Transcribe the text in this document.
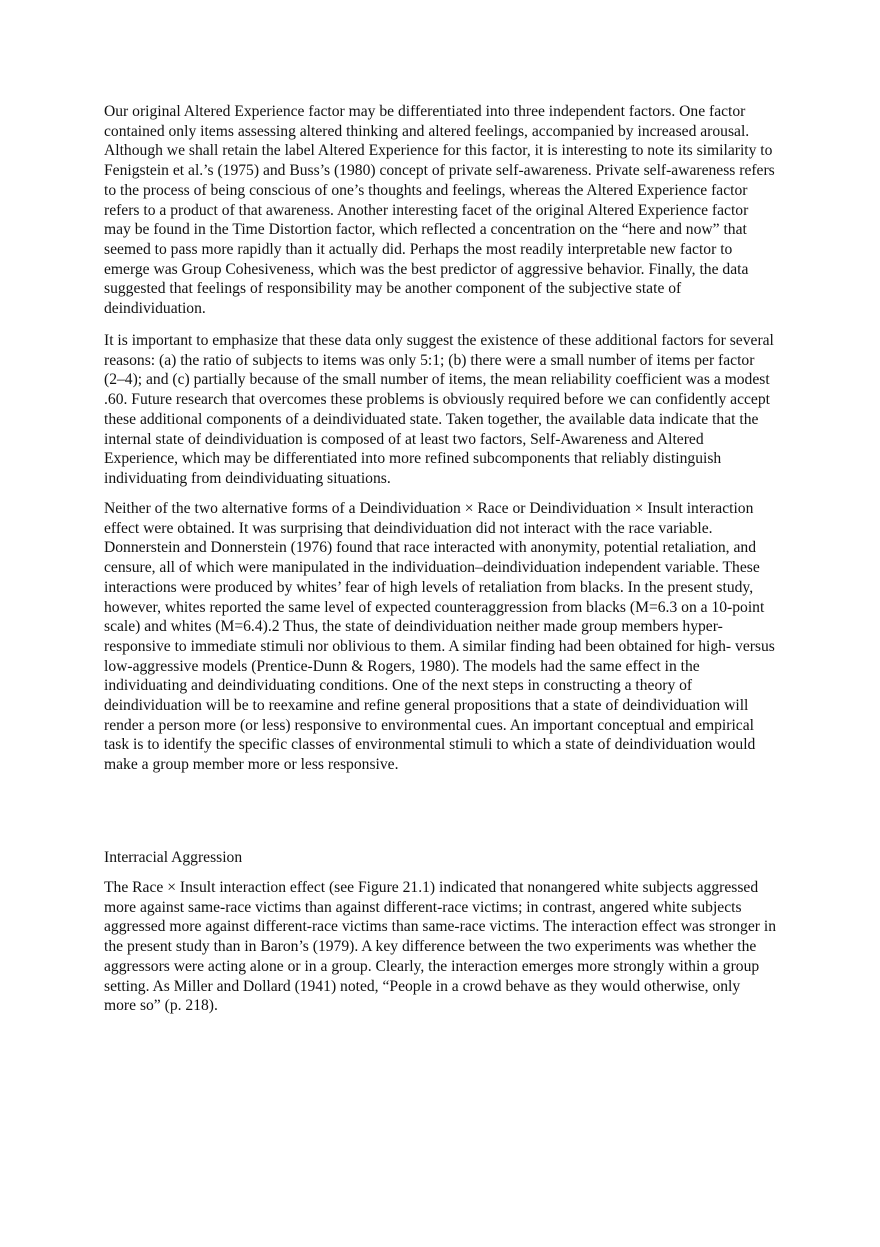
Our original Altered Experience factor may be differentiated into three independent factors. One factor contained only items assessing altered thinking and altered feelings, accompanied by increased arousal. Although we shall retain the label Altered Experience for this factor, it is interesting to note its similarity to Fenigstein et al.’s (1975) and Buss’s (1980) concept of private self-awareness. Private self-awareness refers to the process of being conscious of one’s thoughts and feelings, whereas the Altered Experience factor refers to a product of that awareness. Another interesting facet of the original Altered Experience factor may be found in the Time Distortion factor, which reflected a concentration on the “here and now” that seemed to pass more rapidly than it actually did. Perhaps the most readily interpretable new factor to emerge was Group Cohesiveness, which was the best predictor of aggressive behavior. Finally, the data suggested that feelings of responsibility may be another component of the subjective state of deindividuation.

It is important to emphasize that these data only suggest the existence of these additional factors for several reasons: (a) the ratio of subjects to items was only 5:1; (b) there were a small number of items per factor (2–4); and (c) partially because of the small number of items, the mean reliability coefficient was a modest .60. Future research that overcomes these problems is obviously required before we can confidently accept these additional components of a deindividuated state. Taken together, the available data indicate that the internal state of deindividuation is composed of at least two factors, Self-Awareness and Altered Experience, which may be differentiated into more refined subcomponents that reliably distinguish individuating from deindividuating situations.

Neither of the two alternative forms of a Deindividuation × Race or Deindividuation × Insult interaction effect were obtained. It was surprising that deindividuation did not interact with the race variable. Donnerstein and Donnerstein (1976) found that race interacted with anonymity, potential retaliation, and censure, all of which were manipulated in the individuation–deindividuation independent variable. These interactions were produced by whites’ fear of high levels of retaliation from blacks. In the present study, however, whites reported the same level of expected counteraggression from blacks (M=6.3 on a 10-point scale) and whites (M=6.4).2 Thus, the state of deindividuation neither made group members hyper-responsive to immediate stimuli nor oblivious to them. A similar finding had been obtained for high- versus low-aggressive models (Prentice-Dunn & Rogers, 1980). The models had the same effect in the individuating and deindividuating conditions. One of the next steps in constructing a theory of deindividuation will be to reexamine and refine general propositions that a state of deindividuation will render a person more (or less) responsive to environmental cues. An important conceptual and empirical task is to identify the specific classes of environmental stimuli to which a state of deindividuation would make a group member more or less responsive.

Interracial Aggression

The Race × Insult interaction effect (see Figure 21.1) indicated that nonangered white subjects aggressed more against same-race victims than against different-race victims; in contrast, angered white subjects aggressed more against different-race victims than same-race victims. The interaction effect was stronger in the present study than in Baron’s (1979). A key difference between the two experiments was whether the aggressors were acting alone or in a group. Clearly, the interaction emerges more strongly within a group setting. As Miller and Dollard (1941) noted, “People in a crowd behave as they would otherwise, only more so” (p. 218).
